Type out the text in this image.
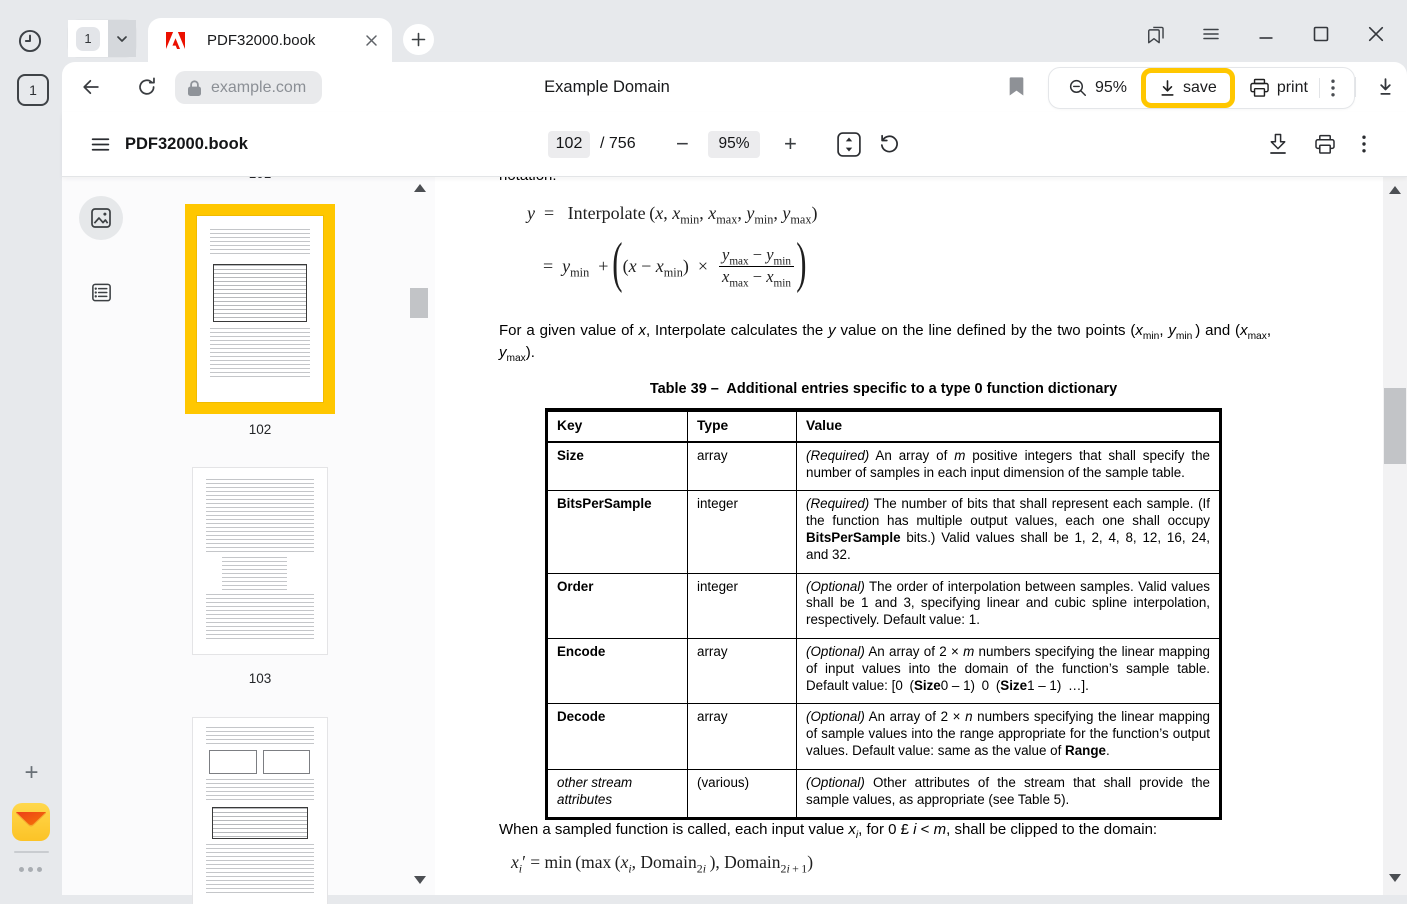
1	PDF32000.book
1
+
example.com	Example Domain	95%	save	print
PDF32000.book
102	/ 756 −	95%	+
102
103
y =  Interpolate (x, $x_{min}$, $x_{max}$, $y_{min}$, $y_{max}$)
= $y_{min}$ +  ( $(x - x_{min})$ ×  $\frac{y_{max} - y_{min}}{x_{max} - x_{min}}$ )
For a given value of x, Interpolate calculates the y value on the line defined by the two points ($x_{min}$, $y_{min}$ ) and ($x_{max}$, $y_{max}$).
Table 39 –  Additional entries specific to a type 0 function dictionary
Key	Type	Value
Size	array	(Required) An array of m positive integers that shall specify the number of samples in each input dimension of the sample table.
BitsPerSample	integer	(Required) The number of bits that shall represent each sample. (If the function has multiple output values, each one shall occupy BitsPerSample bits.) Valid values shall be 1, 2, 4, 8, 12, 16, 24, and 32.
Order	integer	(Optional) The order of interpolation between samples. Valid values shall be 1 and 3, specifying linear and cubic spline interpolation, respectively. Default value: 1.
Encode	array	(Optional) An array of 2 × m numbers specifying the linear mapping of input values into the domain of the function’s sample table. Default value: [0 (Size0 – 1) 0 (Size1 – 1) …].
Decode	array	(Optional) An array of 2 × n numbers specifying the linear mapping of sample values into the range appropriate for the function’s output values. Default value: same as the value of Range.
other stream attributes	(various)	(Optional) Other attributes of the stream that shall provide the sample values, as appropriate (see Table 5).
When a sampled function is called, each input value $x_i$, for 0 £ i < m, shall be clipped to the domain:
$x_i' = \min (\max$ ($x_i$, Domain$_{2i}$ ), Domain$_{2i + 1}$)
